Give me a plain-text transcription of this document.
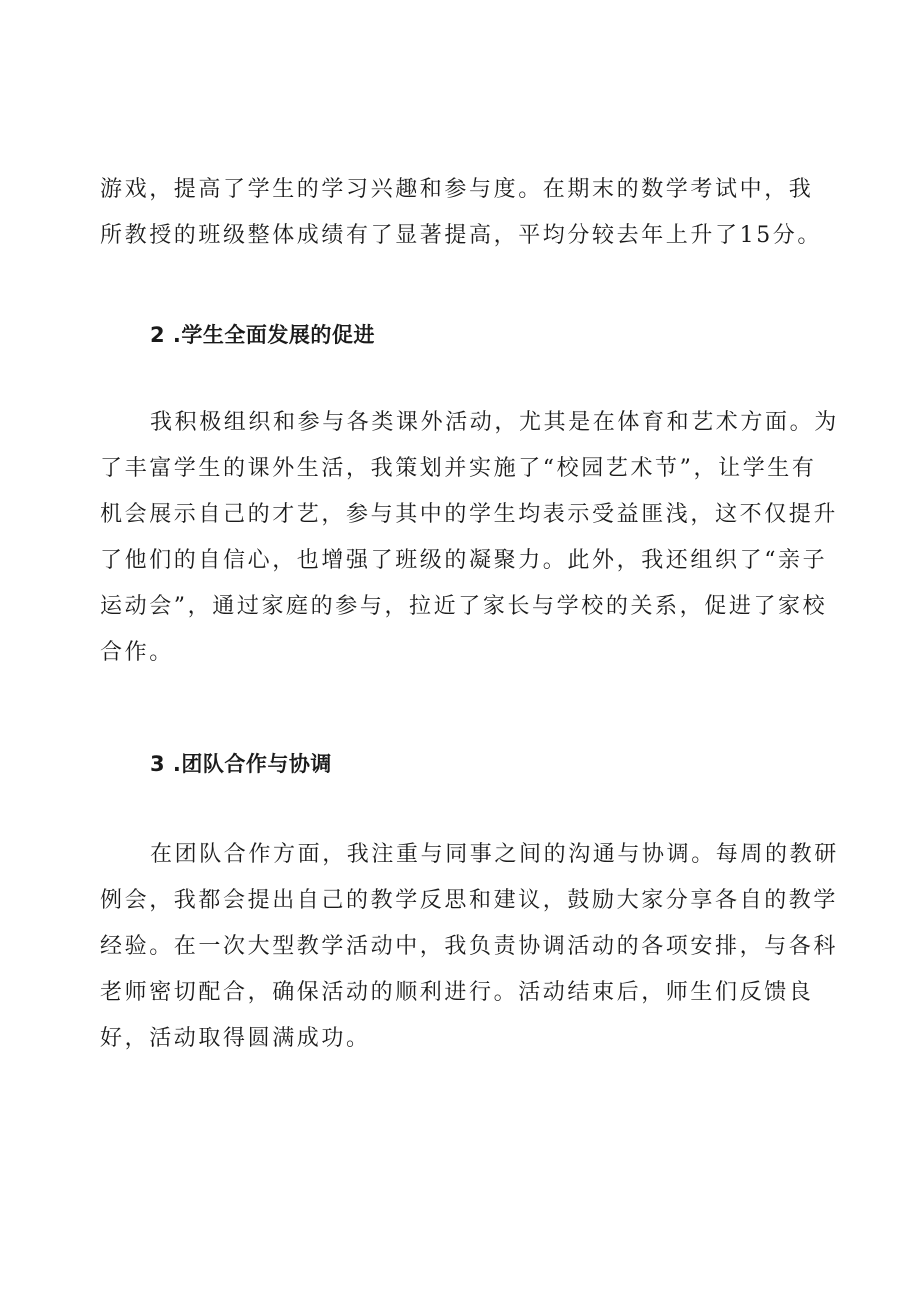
游戏，提高了学生的学习兴趣和参与度。在期末的数学考试中，我
所教授的班级整体成绩有了显著提高，平均分较去年上升了15分。
2 .学生全面发展的促进
我积极组织和参与各类课外活动，尤其是在体育和艺术方面。为
了丰富学生的课外生活，我策划并实施了“校园艺术节”，让学生有
机会展示自己的才艺，参与其中的学生均表示受益匪浅，这不仅提升
了他们的自信心，也增强了班级的凝聚力。此外，我还组织了“亲子
运动会”，通过家庭的参与，拉近了家长与学校的关系，促进了家校
合作。
3 .团队合作与协调
在团队合作方面，我注重与同事之间的沟通与协调。每周的教研
例会，我都会提出自己的教学反思和建议，鼓励大家分享各自的教学
经验。在一次大型教学活动中，我负责协调活动的各项安排，与各科
老师密切配合，确保活动的顺利进行。活动结束后，师生们反馈良
好，活动取得圆满成功。
